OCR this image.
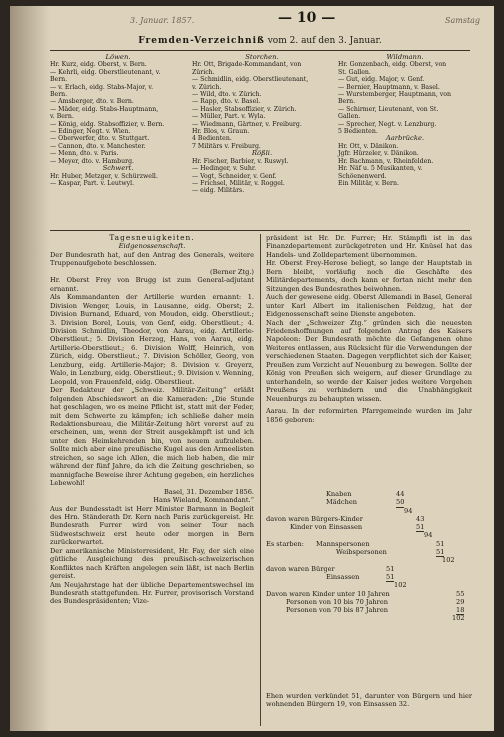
3. Januar. 1857.	— 10 —	Samstag
Fremden-Verzeichniß vom 2. auf den 3. Januar.
Löwen.
Hr. Kurz, eidg. Oberst, v. Bern.
— Kehrli, eidg. Oberstlieutenant, v.
Bern.
— v. Erlach, eidg. Stabs-Major, v.
Bern.
— Amsberger, dto. v. Bern.
— Mäder, eidg. Stabs-Hauptmann,
v. Bern.
— König, eidg. Stabsoffizier, v. Bern.
— Edinger, Negt. v. Wien.
— Oberwerfer, dto. v. Stuttgart.
— Cannon, dto. v. Manchester.
— Menn, dto. v. Paris.
— Meyer, dto. v. Hamburg.
Schwert.
Hr. Huber, Metzger, v. Schürzwell.
— Kaspar, Part. v. Leutwyl.
Storchen.
Hr. Ott, Brigade-Kommandant, von
Zürich.
— Schmidlin, eidg. Oberstlieutenant,
v. Zürich.
— Wild, dto. v. Zürich.
— Rapp, dto. v. Basel.
— Hasler, Stabsoffizier, v. Zürich.
— Müller, Part. v. Wyla.
— Wiedmann, Gärtner, v. Freiburg.
Hr. Blos, v. Graun.
4 Bedienten.
7 Militärs v. Freiburg.
Rößli.
Hr. Fischer, Barbier, v. Ruswyl.
— Hedinger, v. Suhr.
— Vogt, Schneider, v. Genf.
— Frichsel, Militär, v. Roggel.
— eidg. Militärs.
Wildmann.
Hr. Gonzenbach, eidg. Oberst, von
St. Gallen.
— Gut, eidg. Major, v. Genf.
— Bernier, Hauptmann, v. Basel.
— Wurstemberger, Hauptmann, von
Bern.
— Schirmer, Lieutenant, von St.
Gallen.
— Sprecher, Negt. v. Lenzburg.
5 Bedienten.
Aarbrücke.
Hr. Ott, v. Dänikon.
Jgfr. Hürzeler, v. Dänikon.
Hr. Bachmann, v. Rheinfelden.
Hr. Näf u. 5 Musikanten, v.
Schöenenwerd.
Ein Militär, v. Bern.
Tagesneuigkeiten.
Eidgenossenschaft.

Der Bundesrath hat, auf den Antrag des Generals, weitere Truppenaufgebote beschlossen.

(Berner Ztg.)

Hr. Oberst Frey von Brugg ist zum General-adjutant ernannt.

Als Kommandanten der Artillerie wurden ernannt: 1. Division Wenger, Louis, in Lausanne, eidg. Oberst; 2. Division Burnand, Eduard, von Moudon, eidg. Oberstlieut.; 3. Division Borel, Louis, von Genf, eidg. Oberstlieut.; 4. Division Schmidlin, Theodor, von Aarau, eidg. Artillerie-Oberstlieut.; 5. Division Herzog, Hans, von Aarau, eidg. Artillerie-Oberstlieut.; 6. Division Wolff, Heinrich, von Zürich, eidg. Oberstlieut.; 7. Division Schöller, Georg, von Lenzburg, eidg. Artillerie-Major; 8. Division v. Greyerz, Walo, in Lenzburg, eidg. Oberstlieut.; 9. Division v. Wenning, Leopold, von Frauenfeld, eidg. Oberstlieut.

Der Redakteur der „Schweiz. Militär-Zeitung“ erläßt folgenden Abschiedswort an die Kameraden: „Die Stunde hat geschlagen, wo es meine Pflicht ist, statt mit der Feder, mit dem Schwerte zu kämpfen; ich schließe daher mein Redaktionsbureau, die Militär-Zeitung hört vorerst auf zu erscheinen, um, wenn der Streit ausgekämpft ist und ich unter den Heimkehrenden bin, von neuem aufzuleben. Sollte mich aber eine preußische Kugel aus den Armeelisten streichen, so sage ich Allen, die mich lieb haben, die mir während der fünf Jahre, da ich die Zeitung geschrieben, so mannigfache Beweise ihrer Achtung gegeben, ein herzliches Lebewohl!

Basel, 31. Dezember 1856.

Hans Wieland, Kommandant.“

Aus der Bundesstadt ist Herr Minister Barmann in Begleit des Hrn. Ständerath Dr. Kern nach Paris zurückgereist. Hr. Bundesrath Furrer wird von seiner Tour nach Südwestschweiz erst heute oder morgen in Bern zurückerwartet.

Der amerikanische Ministerresident, Hr. Fay, der sich eine gütliche Ausgleichung des preußisch-schweizerischen Konfliktes nach Kräften angelegen sein läßt, ist nach Berlin gereist.

Am Neujahrstage hat der übliche Departementswechsel im Bundesrath stattgefunden. Hr. Furrer, provisorisch Vorstand des Bundespräsidenten; Vize-

präsident ist Hr. Dr. Furrer; Hr. Stämpfli ist in das Finanzdepartement zurückgetreten und Hr. Knüsel hat das Handels- und Zolldepartement übernommen.

Hr. Oberst Frey-Herose beliegt, so lange der Hauptstab in Bern bleibt, vorläufig noch die Geschäfte des Militärdepartements, doch kann er fortan nicht mehr den Sitzungen des Bundesrathes beiwohnen.

Auch der gewesene eidg. Oberst Allemandi in Basel, General unter Karl Albert im italienischen Feldzug, hat der Eidgenossenschaft seine Dienste angeboten.

Nach der „Schweizer Ztg.“ gründen sich die neuesten Friedenshoffnungen auf folgenden Antrag des Kaisers Napoleon: Der Bundesrath möchte die Gefangenen ohne Weiteres entlassen, aus Rücksicht für die Verwendungen der verschiedenen Staaten. Dagegen verpflichtet sich der Kaiser, Preußen zum Verzicht auf Neuenburg zu bewegen. Sollte der König von Preußen sich weigern, auf dieser Grundlage zu unterhandeln, so werde der Kaiser jedes weitere Vorgehen Preußens zu verhindern und die Unabhängigkeit Neuenburgs zu behaupten wissen.

Aarau. In der reformirten Pfarrgemeinde wurden im Jahr 1856 geboren:

Knaben	44
Mädchen	50
94
davon waren Bürgers-Kinder	43
Kinder von Einsassen	51
94
Es starben: Mannspersonen	51
Weibspersonen	51
102
davon waren Bürger	51
Einsassen	51
102
Davon waren Kinder unter 10 Jahren	55
Personen von 10 bis 70 Jahren	29
Personen von 70 bis 87 Jahren	18
102

Ehen wurden verkündet 51, darunter von Bürgern und hier wohnenden Bürgern 19, von Einsassen 32.
